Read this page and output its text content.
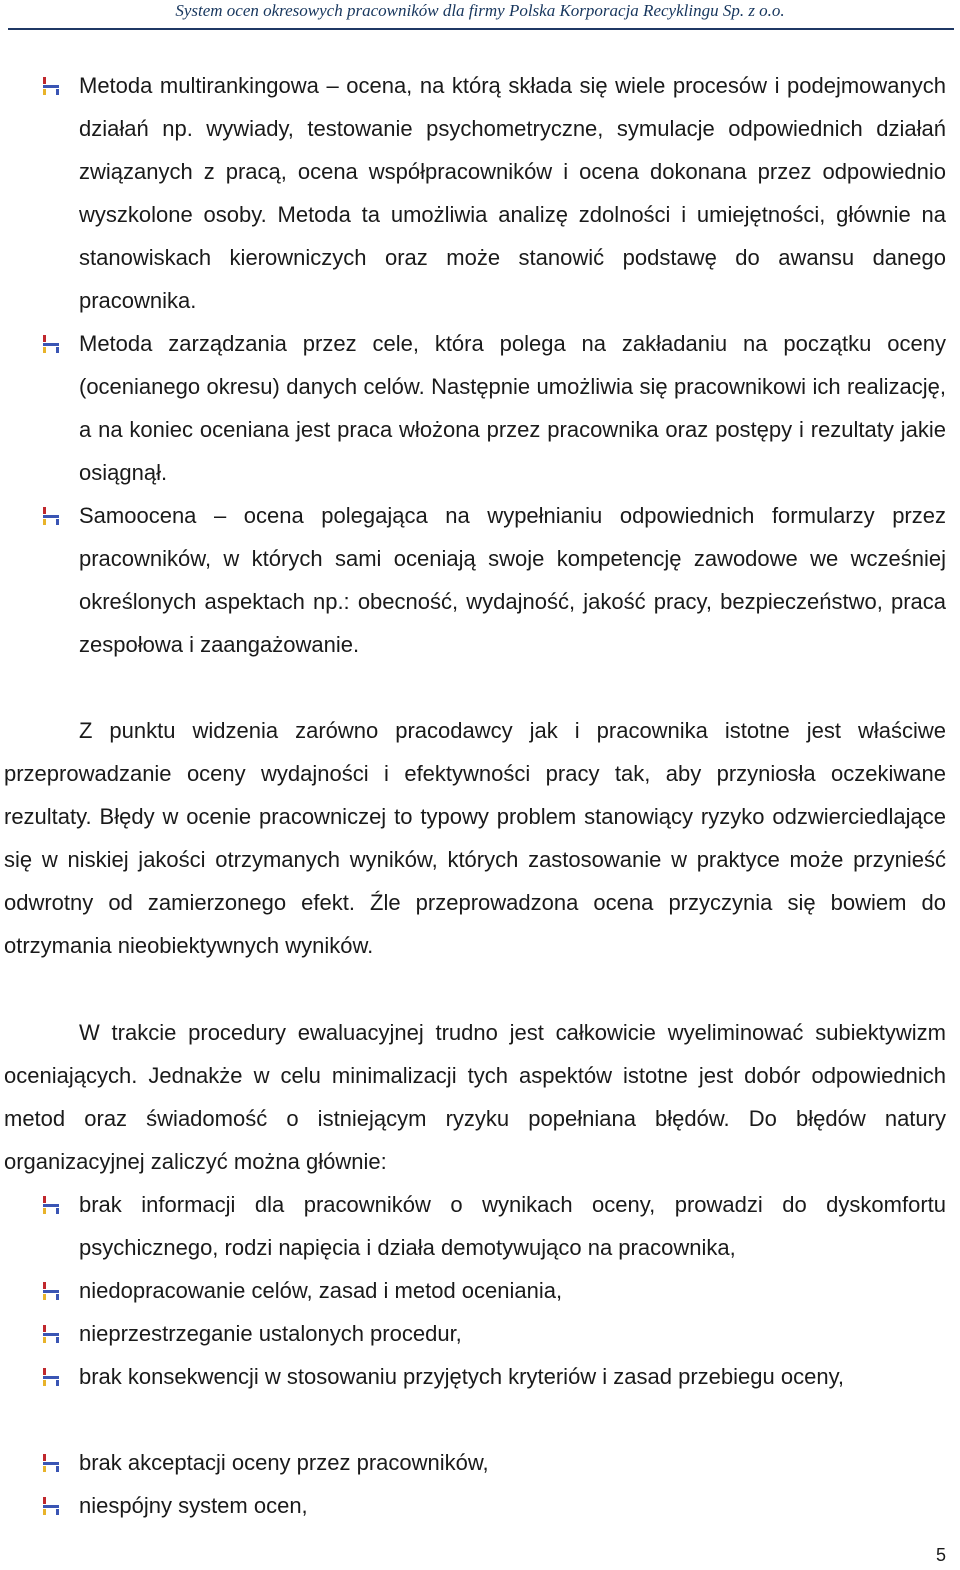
System ocen okresowych pracowników dla firmy Polska Korporacja Recyklingu Sp. z o.o.
Metoda multirankingowa – ocena, na którą składa się wiele procesów i podejmowanych działań np. wywiady, testowanie psychometryczne, symulacje odpowiednich działań związanych z pracą, ocena współpracowników i ocena dokonana przez odpowiednio wyszkolone osoby. Metoda ta umożliwia analizę zdolności i umiejętności, głównie na stanowiskach kierowniczych oraz może stanowić podstawę do awansu danego pracownika.
Metoda zarządzania przez cele, która polega na zakładaniu na początku oceny (ocenianego okresu) danych celów. Następnie umożliwia się pracownikowi ich realizację, a na koniec oceniana jest praca włożona przez pracownika oraz postępy i rezultaty jakie osiągnął.
Samoocena – ocena polegająca na wypełnianiu odpowiednich formularzy przez pracowników, w których sami oceniają swoje kompetencję zawodowe we wcześniej określonych aspektach np.: obecność, wydajność, jakość pracy, bezpieczeństwo, praca zespołowa i zaangażowanie.
Z punktu widzenia zarówno pracodawcy jak i pracownika istotne jest właściwe przeprowadzanie oceny wydajności i efektywności pracy tak, aby przyniosła oczekiwane rezultaty. Błędy w ocenie pracowniczej to typowy problem stanowiący ryzyko odzwierciedlające się w niskiej jakości otrzymanych wyników, których zastosowanie w praktyce może przynieść odwrotny od zamierzonego efekt. Źle przeprowadzona ocena przyczynia się bowiem do otrzymania nieobiektywnych wyników.
W trakcie procedury ewaluacyjnej trudno jest całkowicie wyeliminować subiektywizm oceniających. Jednakże w celu minimalizacji tych aspektów istotne jest dobór odpowiednich metod oraz świadomość o istniejącym ryzyku popełniana błędów. Do błędów natury organizacyjnej zaliczyć można głównie:
brak informacji dla pracowników o wynikach oceny, prowadzi do dyskomfortu psychicznego, rodzi napięcia i działa demotywująco na pracownika,
niedopracowanie celów, zasad i metod oceniania,
nieprzestrzeganie ustalonych procedur,
brak konsekwencji w stosowaniu przyjętych kryteriów i zasad przebiegu oceny,
brak akceptacji oceny przez pracowników,
niespójny system ocen,
5
